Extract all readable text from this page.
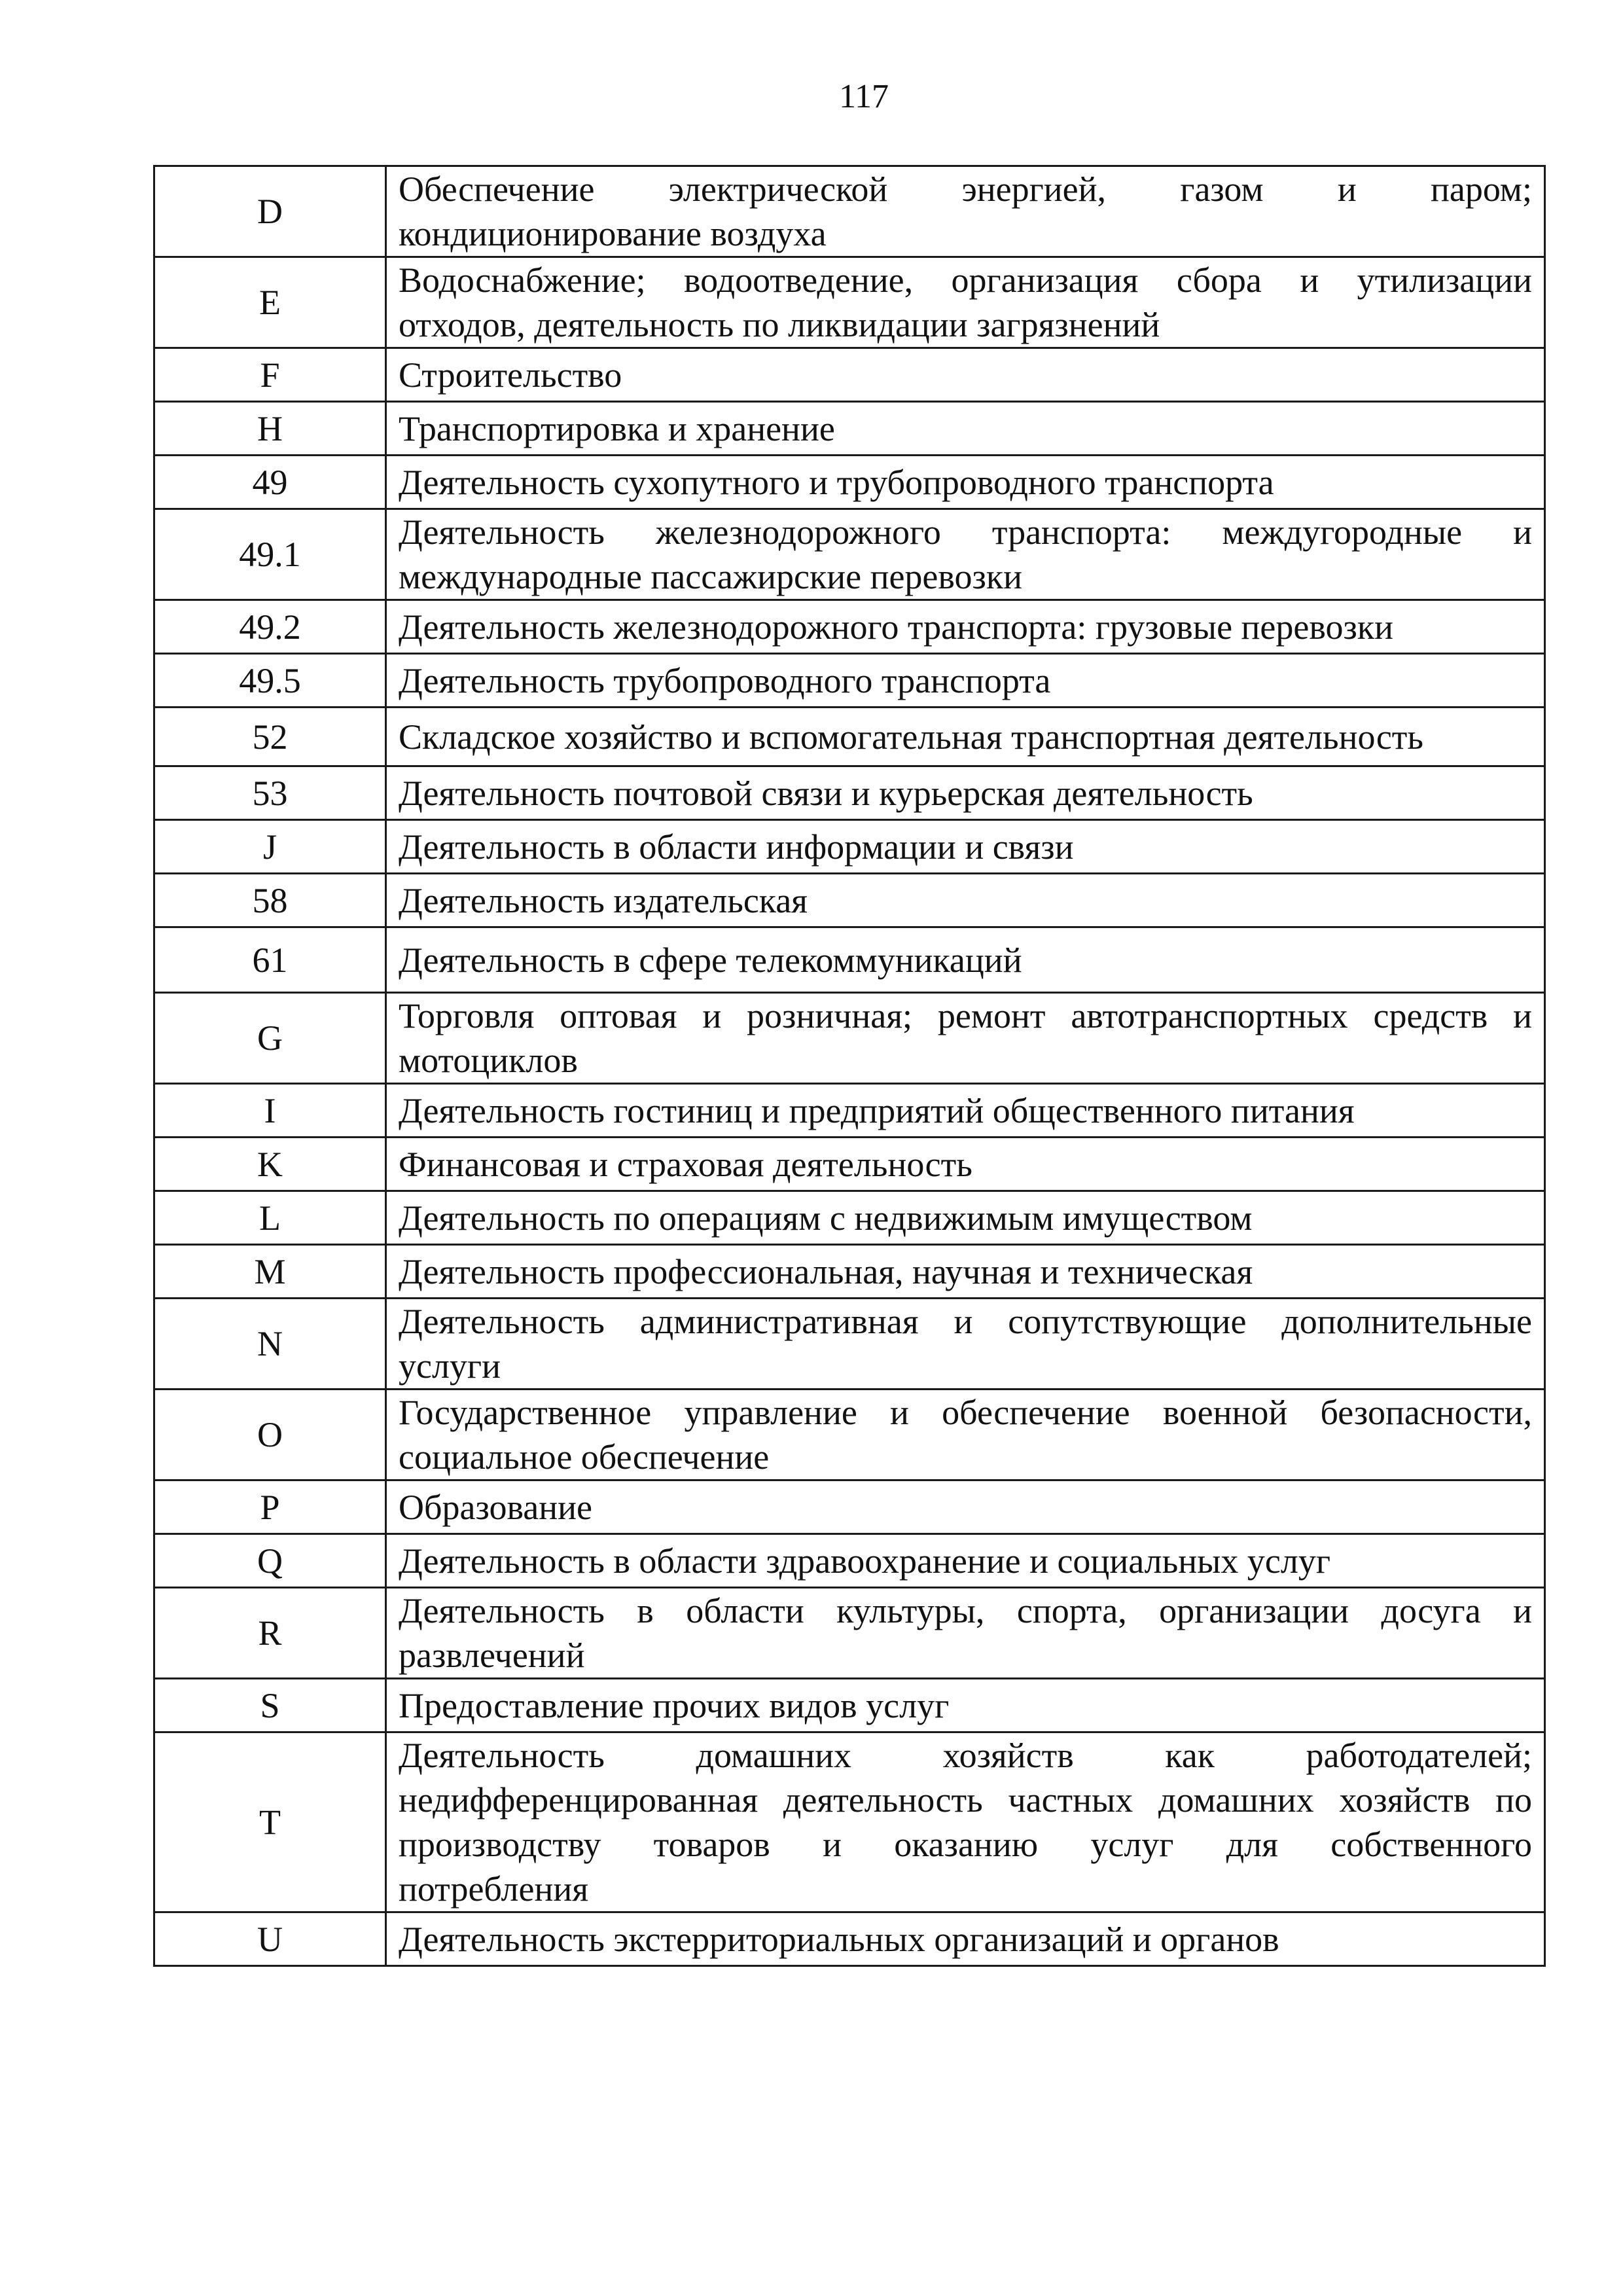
117
D	Обеспечение электрической энергией, газом и паром;
кондиционирование воздуха

E	Водоснабжение; водоотведение, организация сбора и утилизации
отходов, деятельность по ликвидации загрязнений

F	Строительство

H	Транспортировка и хранение

49	Деятельность сухопутного и трубопроводного транспорта

49.1	Деятельность железнодорожного транспорта: междугородные и
международные пассажирские перевозки

49.2	Деятельность железнодорожного транспорта: грузовые перевозки

49.5	Деятельность трубопроводного транспорта

52	Складское хозяйство и вспомогательная транспортная деятельность

53	Деятельность почтовой связи и курьерская деятельность

J	Деятельность в области информации и связи

58	Деятельность издательская

61	Деятельность в сфере телекоммуникаций

G	Торговля оптовая и розничная; ремонт автотранспортных средств и
мотоциклов

I	Деятельность гостиниц и предприятий общественного питания

K	Финансовая и страховая деятельность

L	Деятельность по операциям с недвижимым имуществом

M	Деятельность профессиональная, научная и техническая

N	Деятельность административная и сопутствующие дополнительные
услуги

O	Государственное управление и обеспечение военной безопасности,
социальное обеспечение

P	Образование

Q	Деятельность в области здравоохранение и социальных услуг

R	Деятельность в области культуры, спорта, организации досуга и
развлечений

S	Предоставление прочих видов услуг

T	Деятельность домашних хозяйств как работодателей;
недифференцированная деятельность частных домашних хозяйств по
производству товаров и оказанию услуг для собственного
потребления

U	Деятельность экстерриториальных организаций и органов
